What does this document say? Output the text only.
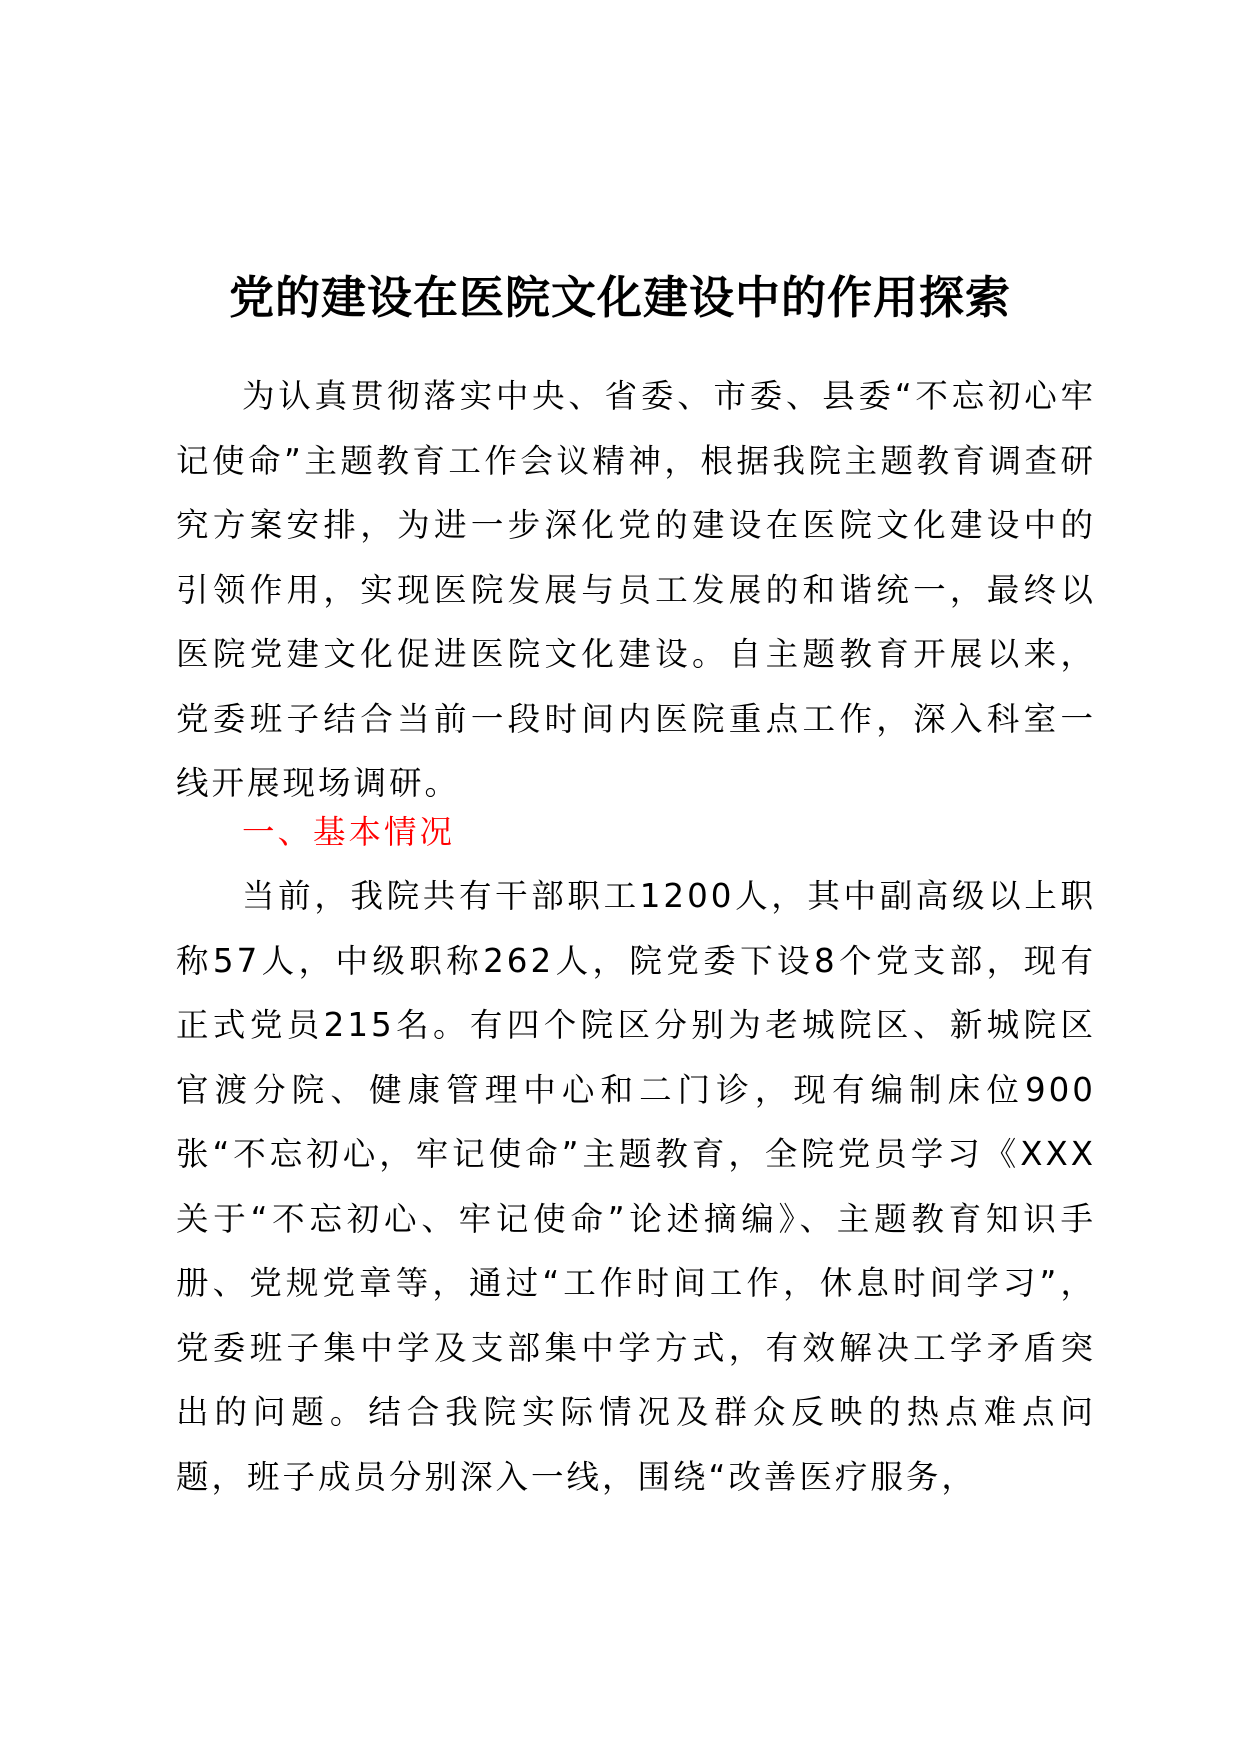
党的建设在医院文化建设中的作用探索

为认真贯彻落实中央、省委、市委、县委“不忘初心牢记使命”主题教育工作会议精神，根据我院主题教育调查研究方案安排，为进一步深化党的建设在医院文化建设中的引领作用，实现医院发展与员工发展的和谐统一，最终以医院党建文化促进医院文化建设。自主题教育开展以来，党委班子结合当前一段时间内医院重点工作，深入科室一线开展现场调研。

一、基本情况

当前，我院共有干部职工1200人，其中副高级以上职称57人，中级职称262人，院党委下设8个党支部，现有正式党员215名。有四个院区分别为老城院区、新城院区官渡分院、健康管理中心和二门诊，现有编制床位900张“不忘初心，牢记使命”主题教育，全院党员学习《XXX关于“不忘初心、牢记使命”论述摘编》、主题教育知识手册、党规党章等，通过“工作时间工作，休息时间学习”，党委班子集中学及支部集中学方式，有效解决工学矛盾突出的问题。结合我院实际情况及群众反映的热点难点问题，班子成员分别深入一线，围绕“改善医疗服务，
